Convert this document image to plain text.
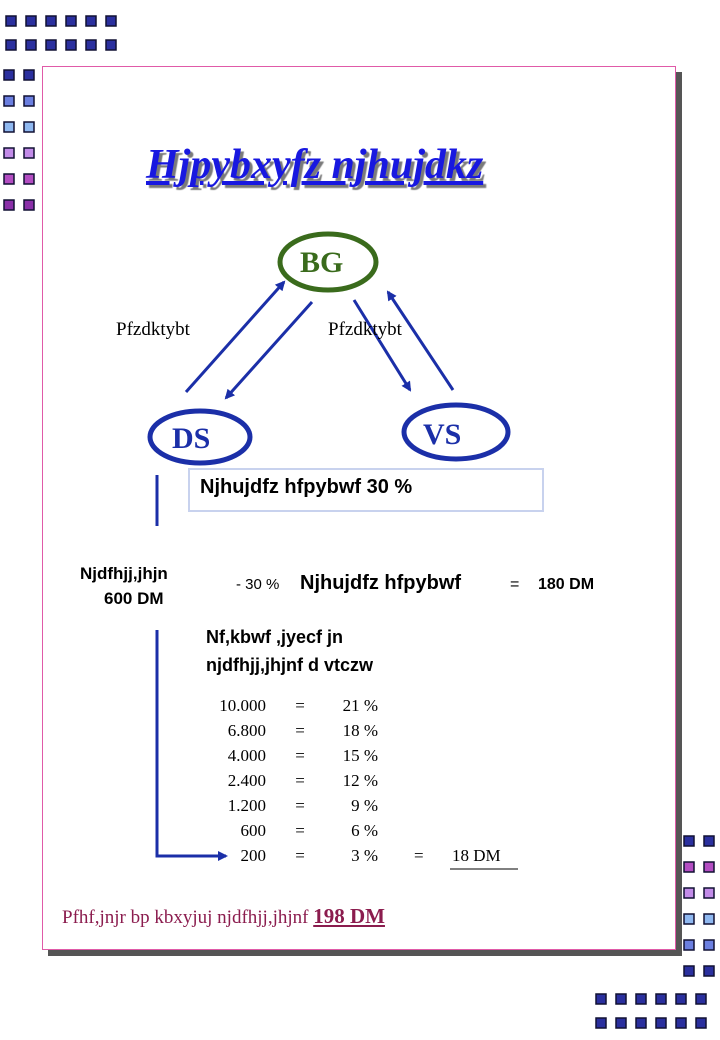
Hjpybxyfz njhujdkz
BG
DS	VS
Pfzdktybt	Pfzdktybt
Njhujdfz hfpybwf 30 %
Njdfhjj,jhjn
600 DM
- 30 % Njhujdfz hfpybwf	= 180 DM
Nf,kbwf ,jyecf jn
njdfhjj,jhjnf d vtczw
10.000	=	21 %
6.800	=	18 %
4.000	=	15 %
2.400	=	12 %
1.200	=	9 %
600	=	6 %
200	=	3 % = 18 DM
Pfhf,jnjr bp kbxyjuj njdfhjj,jhjnf 198 DM
